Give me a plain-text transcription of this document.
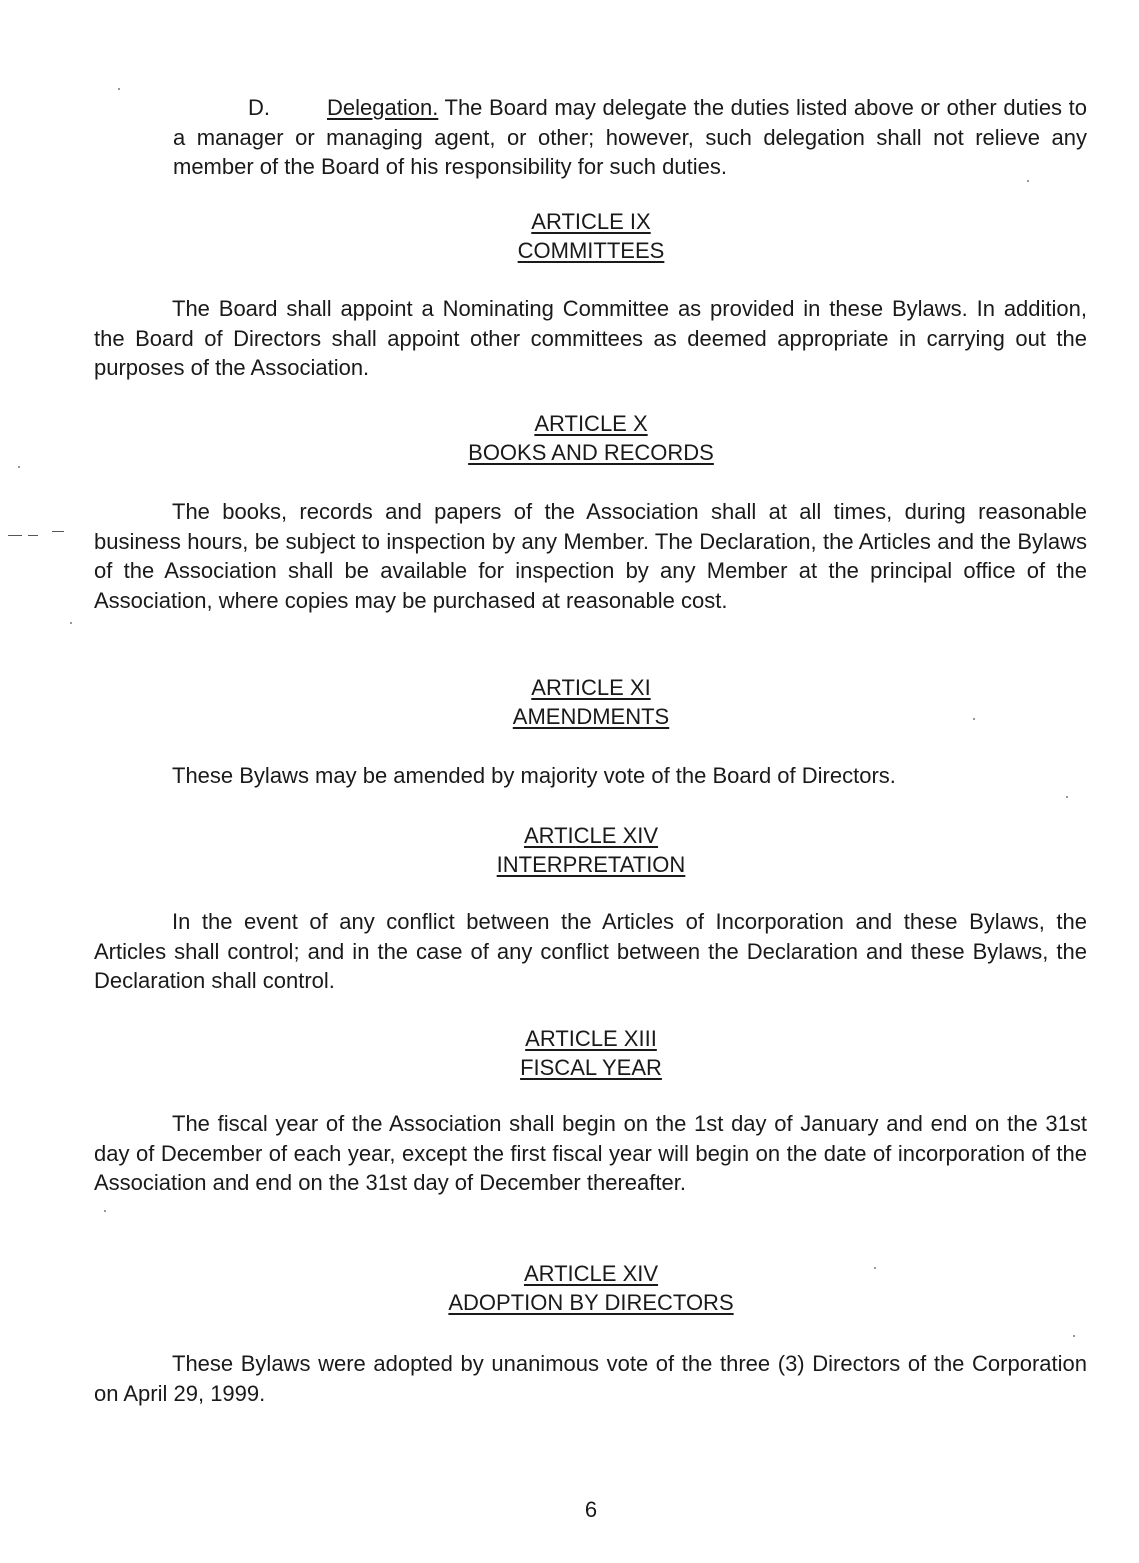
D.	Delegation. The Board may delegate the duties listed above or other duties to a manager or managing agent, or other; however, such delegation shall not relieve any member of the Board of his responsibility for such duties.

ARTICLE IX
COMMITTEES

The Board shall appoint a Nominating Committee as provided in these Bylaws. In addition, the Board of Directors shall appoint other committees as deemed appropriate in carrying out the purposes of the Association.

ARTICLE X
BOOKS AND RECORDS

The books, records and papers of the Association shall at all times, during reasonable business hours, be subject to inspection by any Member. The Declaration, the Articles and the Bylaws of the Association shall be available for inspection by any Member at the principal office of the Association, where copies may be purchased at reasonable cost.

ARTICLE XI
AMENDMENTS

These Bylaws may be amended by majority vote of the Board of Directors.

ARTICLE XIV
INTERPRETATION

In the event of any conflict between the Articles of Incorporation and these Bylaws, the Articles shall control; and in the case of any conflict between the Declaration and these Bylaws, the Declaration shall control.

ARTICLE XIII
FISCAL YEAR

The fiscal year of the Association shall begin on the 1st day of January and end on the 31st day of December of each year, except the first fiscal year will begin on the date of incorporation of the Association and end on the 31st day of December thereafter.

ARTICLE XIV
ADOPTION BY DIRECTORS

These Bylaws were adopted by unanimous vote of the three (3) Directors of the Corporation on April 29, 1999.

6
